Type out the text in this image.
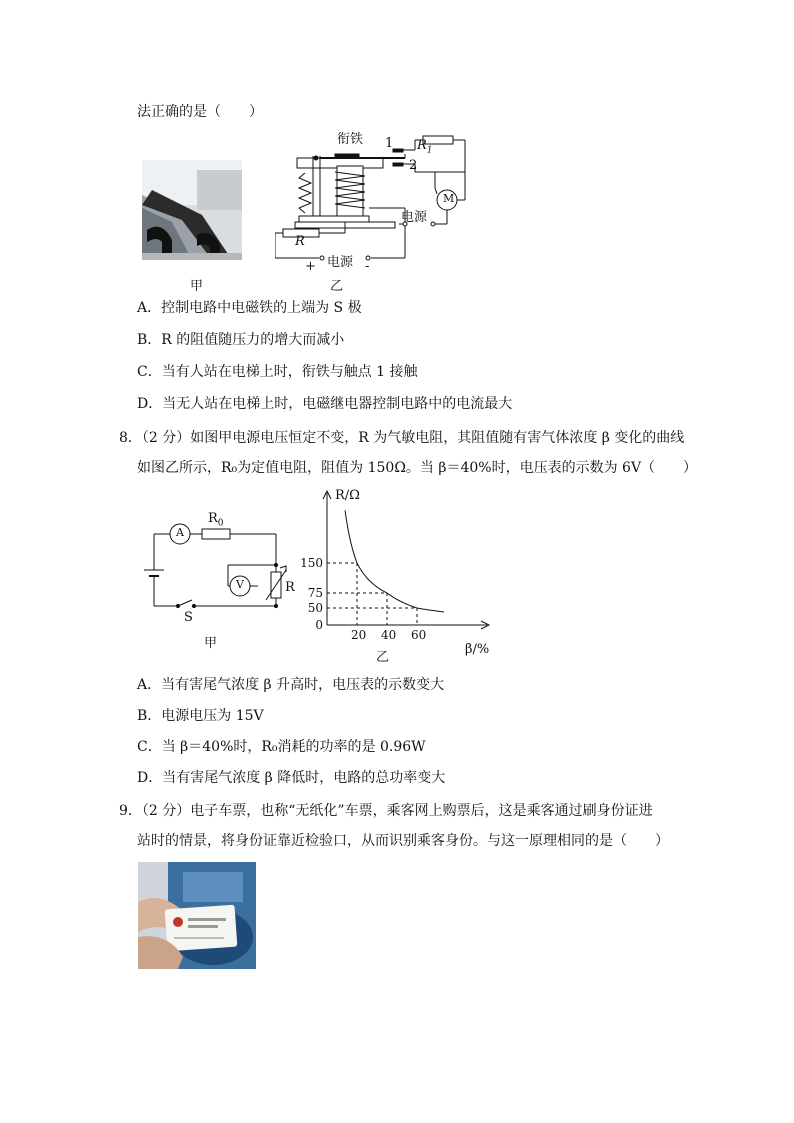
法正确的是（　　）
甲
衔铁 1
2
$R_1$
M
电源
R
电源
+	-
乙
A．控制电路中电磁铁的上端为 S 极
B．R 的阻值随压力的增大而减小
C．当有人站在电梯上时，衔铁与触点 1 接触
D．当无人站在电梯上时，电磁继电器控制电路中的电流最大
8．（2 分）如图甲电源电压恒定不变，R 为气敏电阻，其阻值随有害气体浓度 β 变化的曲线
如图乙所示，R₀为定值电阻，阻值为 150Ω。当 β＝40%时，电压表的示数为 6V（　　）
A
$R_0$
V	R
S
甲
R/Ω
β/%
20 40 60
150
75
50
0
乙
A．当有害尾气浓度 β 升高时，电压表的示数变大
B．电源电压为 15V
C．当 β＝40%时，R₀消耗的功率的是 0.96W
D．当有害尾气浓度 β 降低时，电路的总功率变大
9．（2 分）电子车票，也称“无纸化”车票，乘客网上购票后，这是乘客通过刷身份证进
站时的情景，将身份证靠近检验口，从而识别乘客身份。与这一原理相同的是（　　）
